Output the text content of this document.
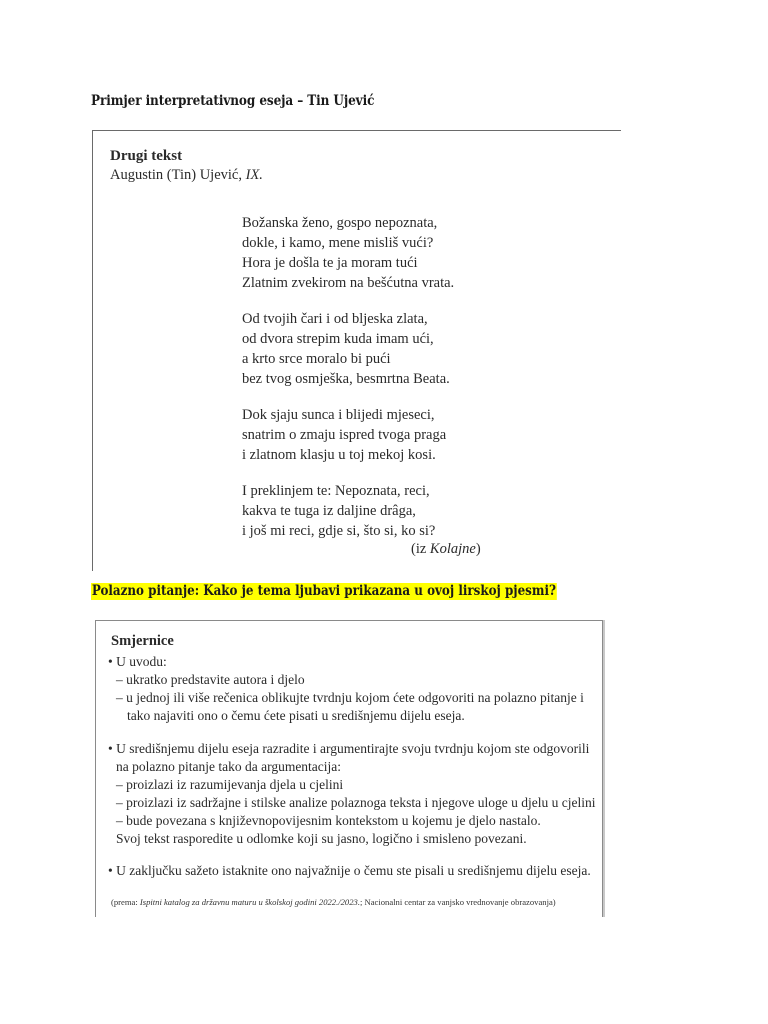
Primjer interpretativnog eseja – Tin Ujević
Drugi tekst
Augustin (Tin) Ujević, IX.
Božanska ženo, gospo nepoznata,
dokle, i kamo, mene misliš vući?
Hora je došla te ja moram tući
Zlatnim zvekirom na bešćutna vrata.
Od tvojih čari i od bljeska zlata,
od dvora strepim kuda imam ući,
a krto srce moralo bi pući
bez tvog osmješka, besmrtna Beata.
Dok sjaju sunca i blijedi mjeseci,
snatrim o zmaju ispred tvoga praga
i zlatnom klasju u toj mekoj kosi.
I preklinjem te: Nepoznata, reci,
kakva te tuga iz daljine drâga,
i još mi reci, gdje si, što si, ko si?
(iz Kolajne)
Polazno pitanje: Kako je tema ljubavi prikazana u ovoj lirskoj pjesmi?
Smjernice
• U uvodu:
– ukratko predstavite autora i djelo
– u jednoj ili više rečenica oblikujte tvrdnju kojom ćete odgovoriti na polazno pitanje i
tako najaviti ono o čemu ćete pisati u središnjemu dijelu eseja.
• U središnjemu dijelu eseja razradite i argumentirajte svoju tvrdnju kojom ste odgovorili
na polazno pitanje tako da argumentacija:
– proizlazi iz razumijevanja djela u cjelini
– proizlazi iz sadržajne i stilske analize polaznoga teksta i njegove uloge u djelu u cjelini
– bude povezana s književnopovijesnim kontekstom u kojemu je djelo nastalo.
Svoj tekst rasporedite u odlomke koji su jasno, logično i smisleno povezani.
• U zaključku sažeto istaknite ono najvažnije o čemu ste pisali u središnjemu dijelu eseja.
(prema: Ispitni katalog za državnu maturu u školskoj godini 2022./2023.; Nacionalni centar za vanjsko vrednovanje obrazovanja)
